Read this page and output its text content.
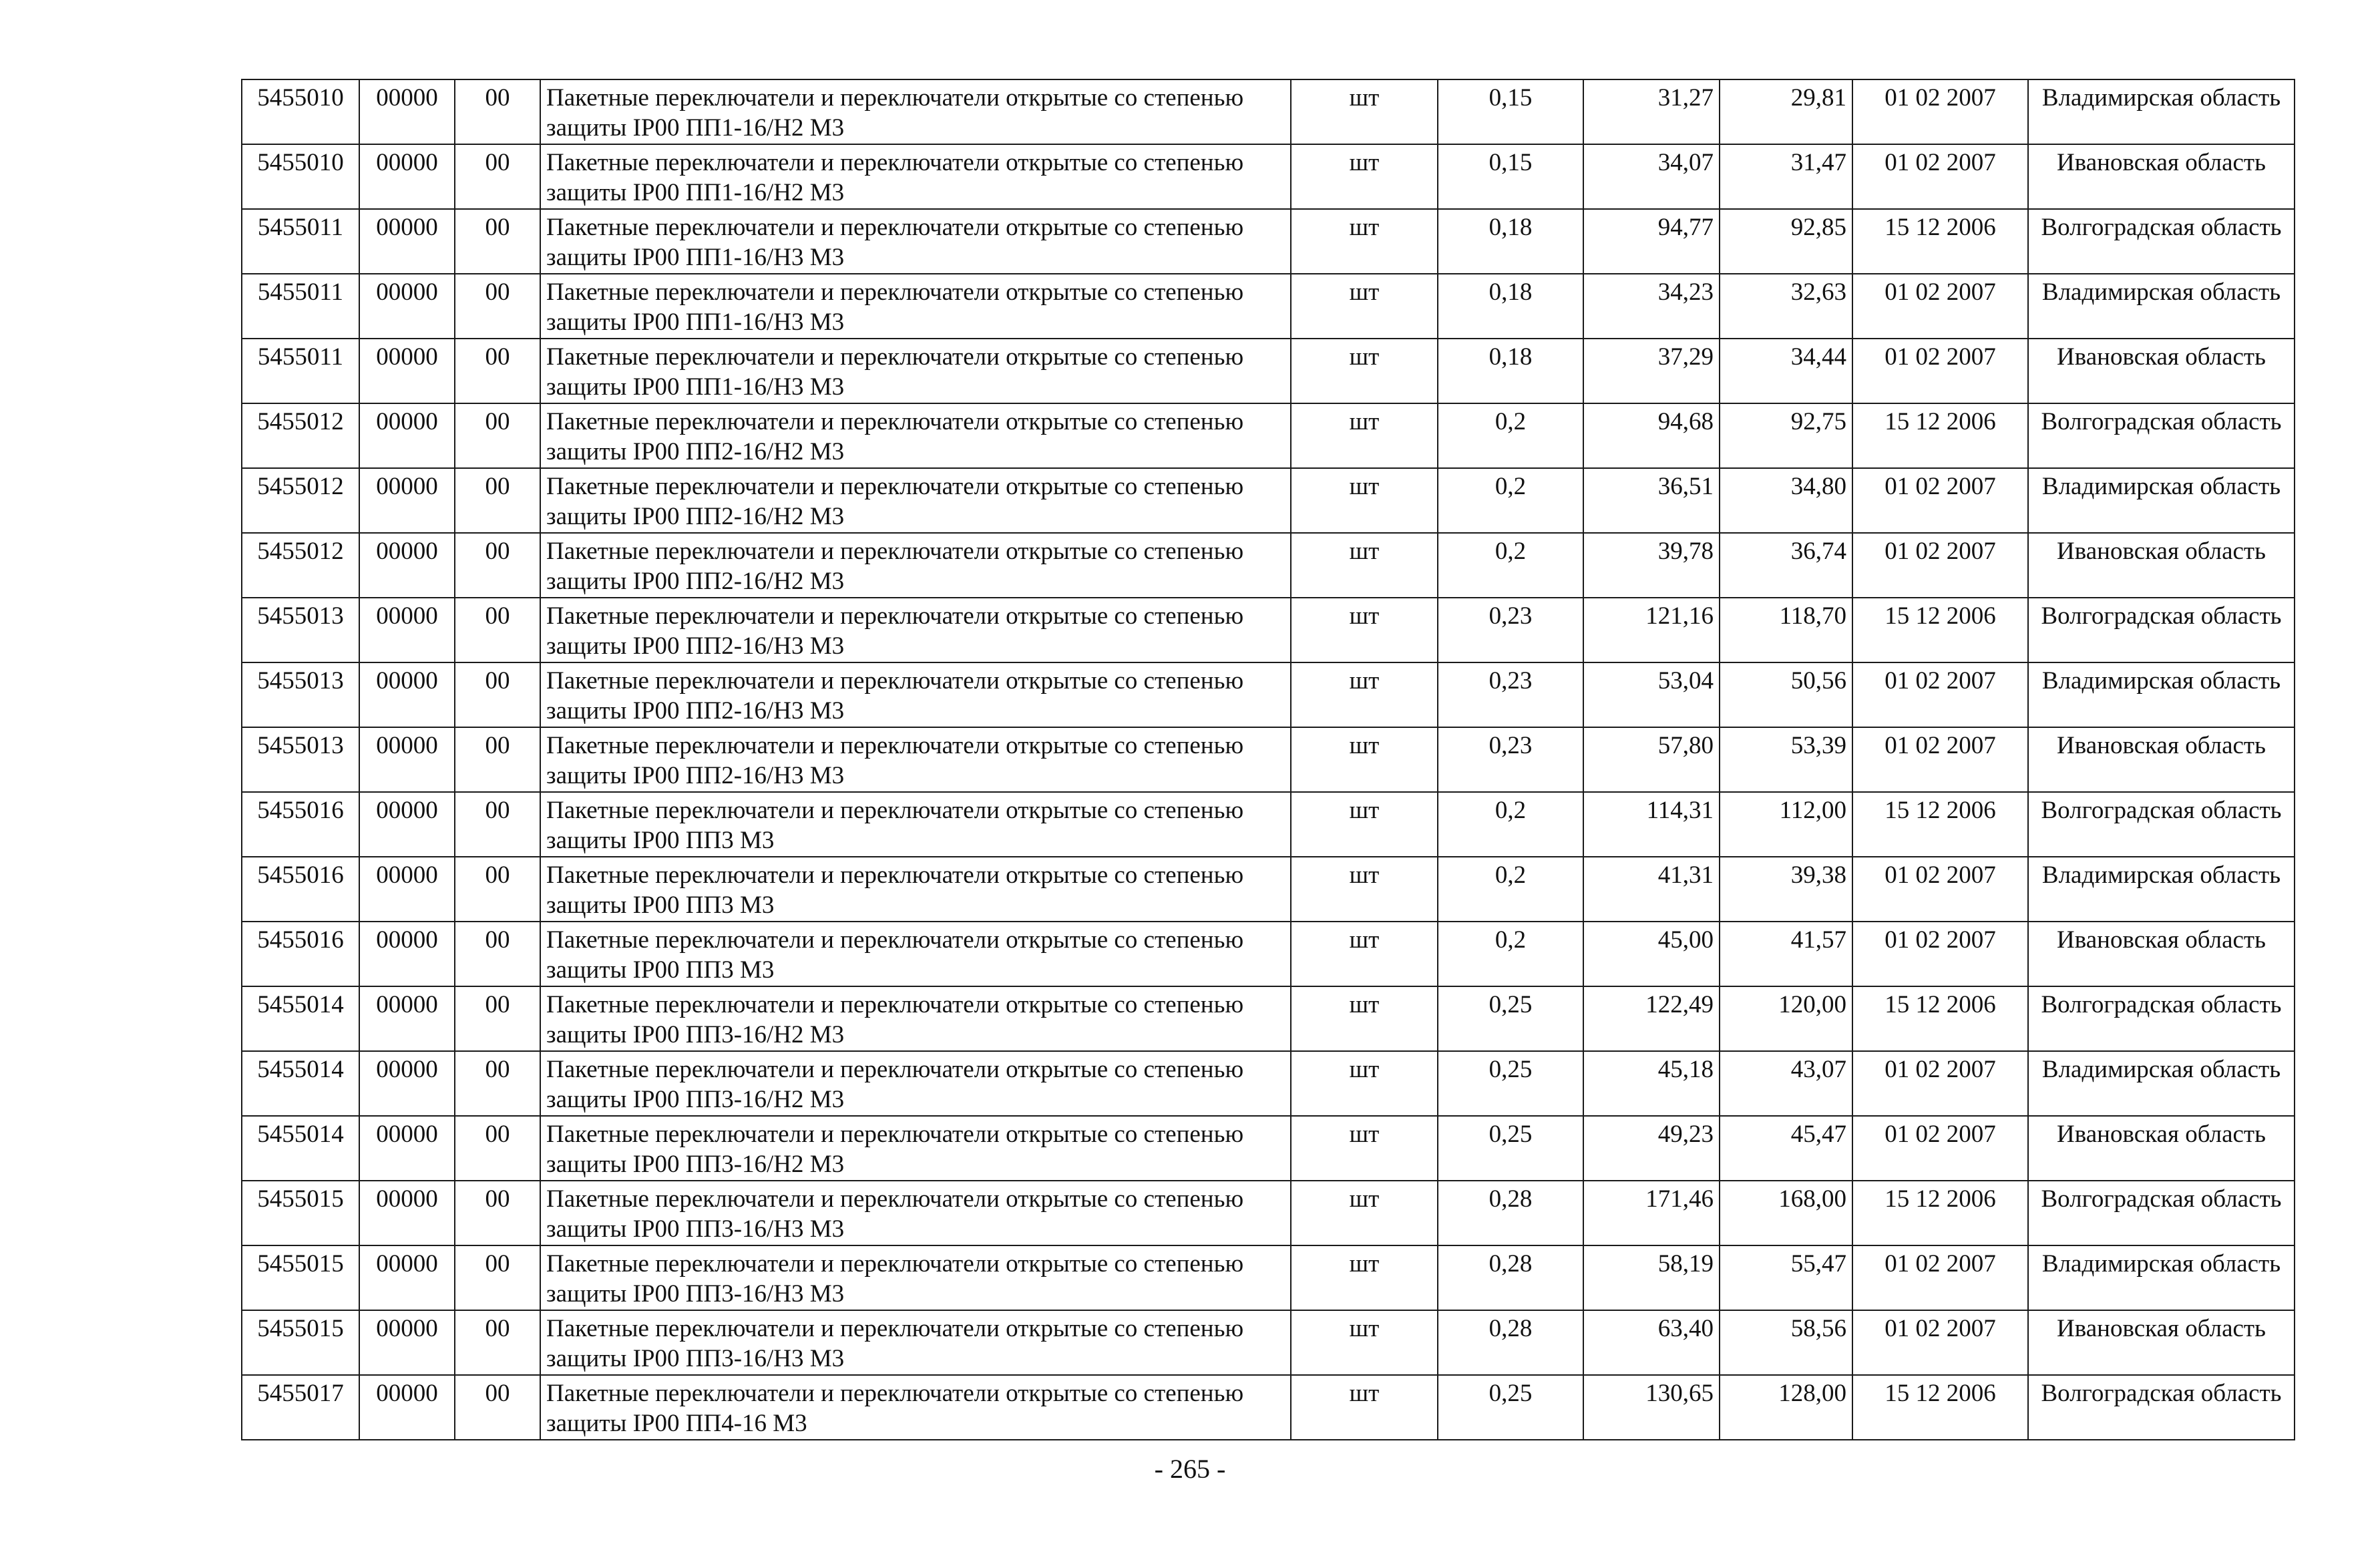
5455010	00000	00	Пакетные переключатели и переключатели открытые со степенью защиты IP00 ПП1-16/Н2 М3	шт	0,15	31,27	29,81	01 02 2007	Владимирская область
5455010	00000	00	Пакетные переключатели и переключатели открытые со степенью защиты IP00 ПП1-16/Н2 М3	шт	0,15	34,07	31,47	01 02 2007	Ивановская область
5455011	00000	00	Пакетные переключатели и переключатели открытые со степенью защиты IP00 ПП1-16/Н3 М3	шт	0,18	94,77	92,85	15 12 2006	Волгоградская область
5455011	00000	00	Пакетные переключатели и переключатели открытые со степенью защиты IP00 ПП1-16/Н3 М3	шт	0,18	34,23	32,63	01 02 2007	Владимирская область
5455011	00000	00	Пакетные переключатели и переключатели открытые со степенью защиты IP00 ПП1-16/Н3 М3	шт	0,18	37,29	34,44	01 02 2007	Ивановская область
5455012	00000	00	Пакетные переключатели и переключатели открытые со степенью защиты IP00 ПП2-16/Н2 М3	шт	0,2	94,68	92,75	15 12 2006	Волгоградская область
5455012	00000	00	Пакетные переключатели и переключатели открытые со степенью защиты IP00 ПП2-16/Н2 М3	шт	0,2	36,51	34,80	01 02 2007	Владимирская область
5455012	00000	00	Пакетные переключатели и переключатели открытые со степенью защиты IP00 ПП2-16/Н2 М3	шт	0,2	39,78	36,74	01 02 2007	Ивановская область
5455013	00000	00	Пакетные переключатели и переключатели открытые со степенью защиты IP00 ПП2-16/Н3 М3	шт	0,23	121,16	118,70	15 12 2006	Волгоградская область
5455013	00000	00	Пакетные переключатели и переключатели открытые со степенью защиты IP00 ПП2-16/Н3 М3	шт	0,23	53,04	50,56	01 02 2007	Владимирская область
5455013	00000	00	Пакетные переключатели и переключатели открытые со степенью защиты IP00 ПП2-16/Н3 М3	шт	0,23	57,80	53,39	01 02 2007	Ивановская область
5455016	00000	00	Пакетные переключатели и переключатели открытые со степенью защиты IP00 ПП3 М3	шт	0,2	114,31	112,00	15 12 2006	Волгоградская область
5455016	00000	00	Пакетные переключатели и переключатели открытые со степенью защиты IP00 ПП3 М3	шт	0,2	41,31	39,38	01 02 2007	Владимирская область
5455016	00000	00	Пакетные переключатели и переключатели открытые со степенью защиты IP00 ПП3 М3	шт	0,2	45,00	41,57	01 02 2007	Ивановская область
5455014	00000	00	Пакетные переключатели и переключатели открытые со степенью защиты IP00 ПП3-16/Н2 М3	шт	0,25	122,49	120,00	15 12 2006	Волгоградская область
5455014	00000	00	Пакетные переключатели и переключатели открытые со степенью защиты IP00 ПП3-16/Н2 М3	шт	0,25	45,18	43,07	01 02 2007	Владимирская область
5455014	00000	00	Пакетные переключатели и переключатели открытые со степенью защиты IP00 ПП3-16/Н2 М3	шт	0,25	49,23	45,47	01 02 2007	Ивановская область
5455015	00000	00	Пакетные переключатели и переключатели открытые со степенью защиты IP00 ПП3-16/Н3 М3	шт	0,28	171,46	168,00	15 12 2006	Волгоградская область
5455015	00000	00	Пакетные переключатели и переключатели открытые со степенью защиты IP00 ПП3-16/Н3 М3	шт	0,28	58,19	55,47	01 02 2007	Владимирская область
5455015	00000	00	Пакетные переключатели и переключатели открытые со степенью защиты IP00 ПП3-16/Н3 М3	шт	0,28	63,40	58,56	01 02 2007	Ивановская область
5455017	00000	00	Пакетные переключатели и переключатели открытые со степенью защиты IP00 ПП4-16 М3	шт	0,25	130,65	128,00	15 12 2006	Волгоградская область
- 265 -
